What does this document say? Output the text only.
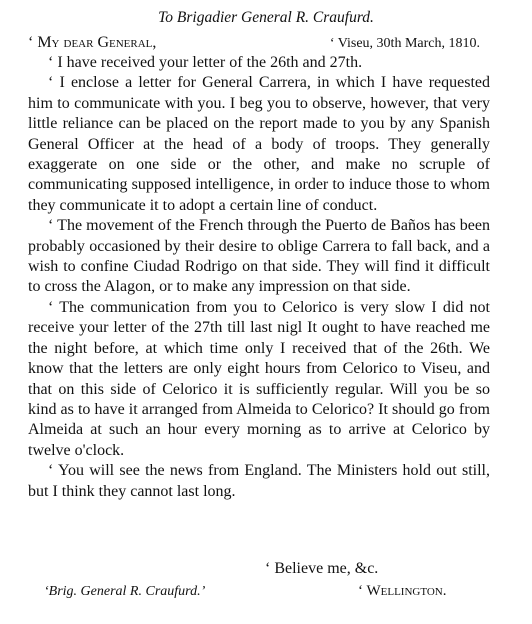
To Brigadier General R. Craufurd.
‘ My dear General,	‘ Viseu, 30th March, 1810.

‘ I have received your letter of the 26th and 27th.

‘ I enclose a letter for General Carrera, in which I have requested him to communicate with you. I beg you to observe, however, that very little reliance can be placed on the report made to you by any Spanish General Officer at the head of a body of troops. They generally exaggerate on one side or the other, and make no scruple of communicating supposed intelligence, in order to induce those to whom they communicate it to adopt a certain line of conduct.

‘ The movement of the French through the Puerto de Baños has been probably occasioned by their desire to oblige Carrera to fall back, and a wish to confine Ciudad Rodrigo on that side. They will find it difficult to cross the Alagon, or to make any impression on that side.

‘ The communication from you to Celorico is very slow I did not receive your letter of the 27th till last nigl It ought to have reached me the night before, at which time only I received that of the 26th. We know that the letters are only eight hours from Celorico to Viseu, and that on this side of Celorico it is sufficiently regular. Will you be so kind as to have it arranged from Almeida to Celorico? It should go from Almeida at such an hour every morning as to arrive at Celorico by twelve o'clock.

‘ You will see the news from England. The Ministers hold out still, but I think they cannot last long.

‘ Believe me, &c.
‘Brig. General R. Craufurd.’	‘ Wellington.
